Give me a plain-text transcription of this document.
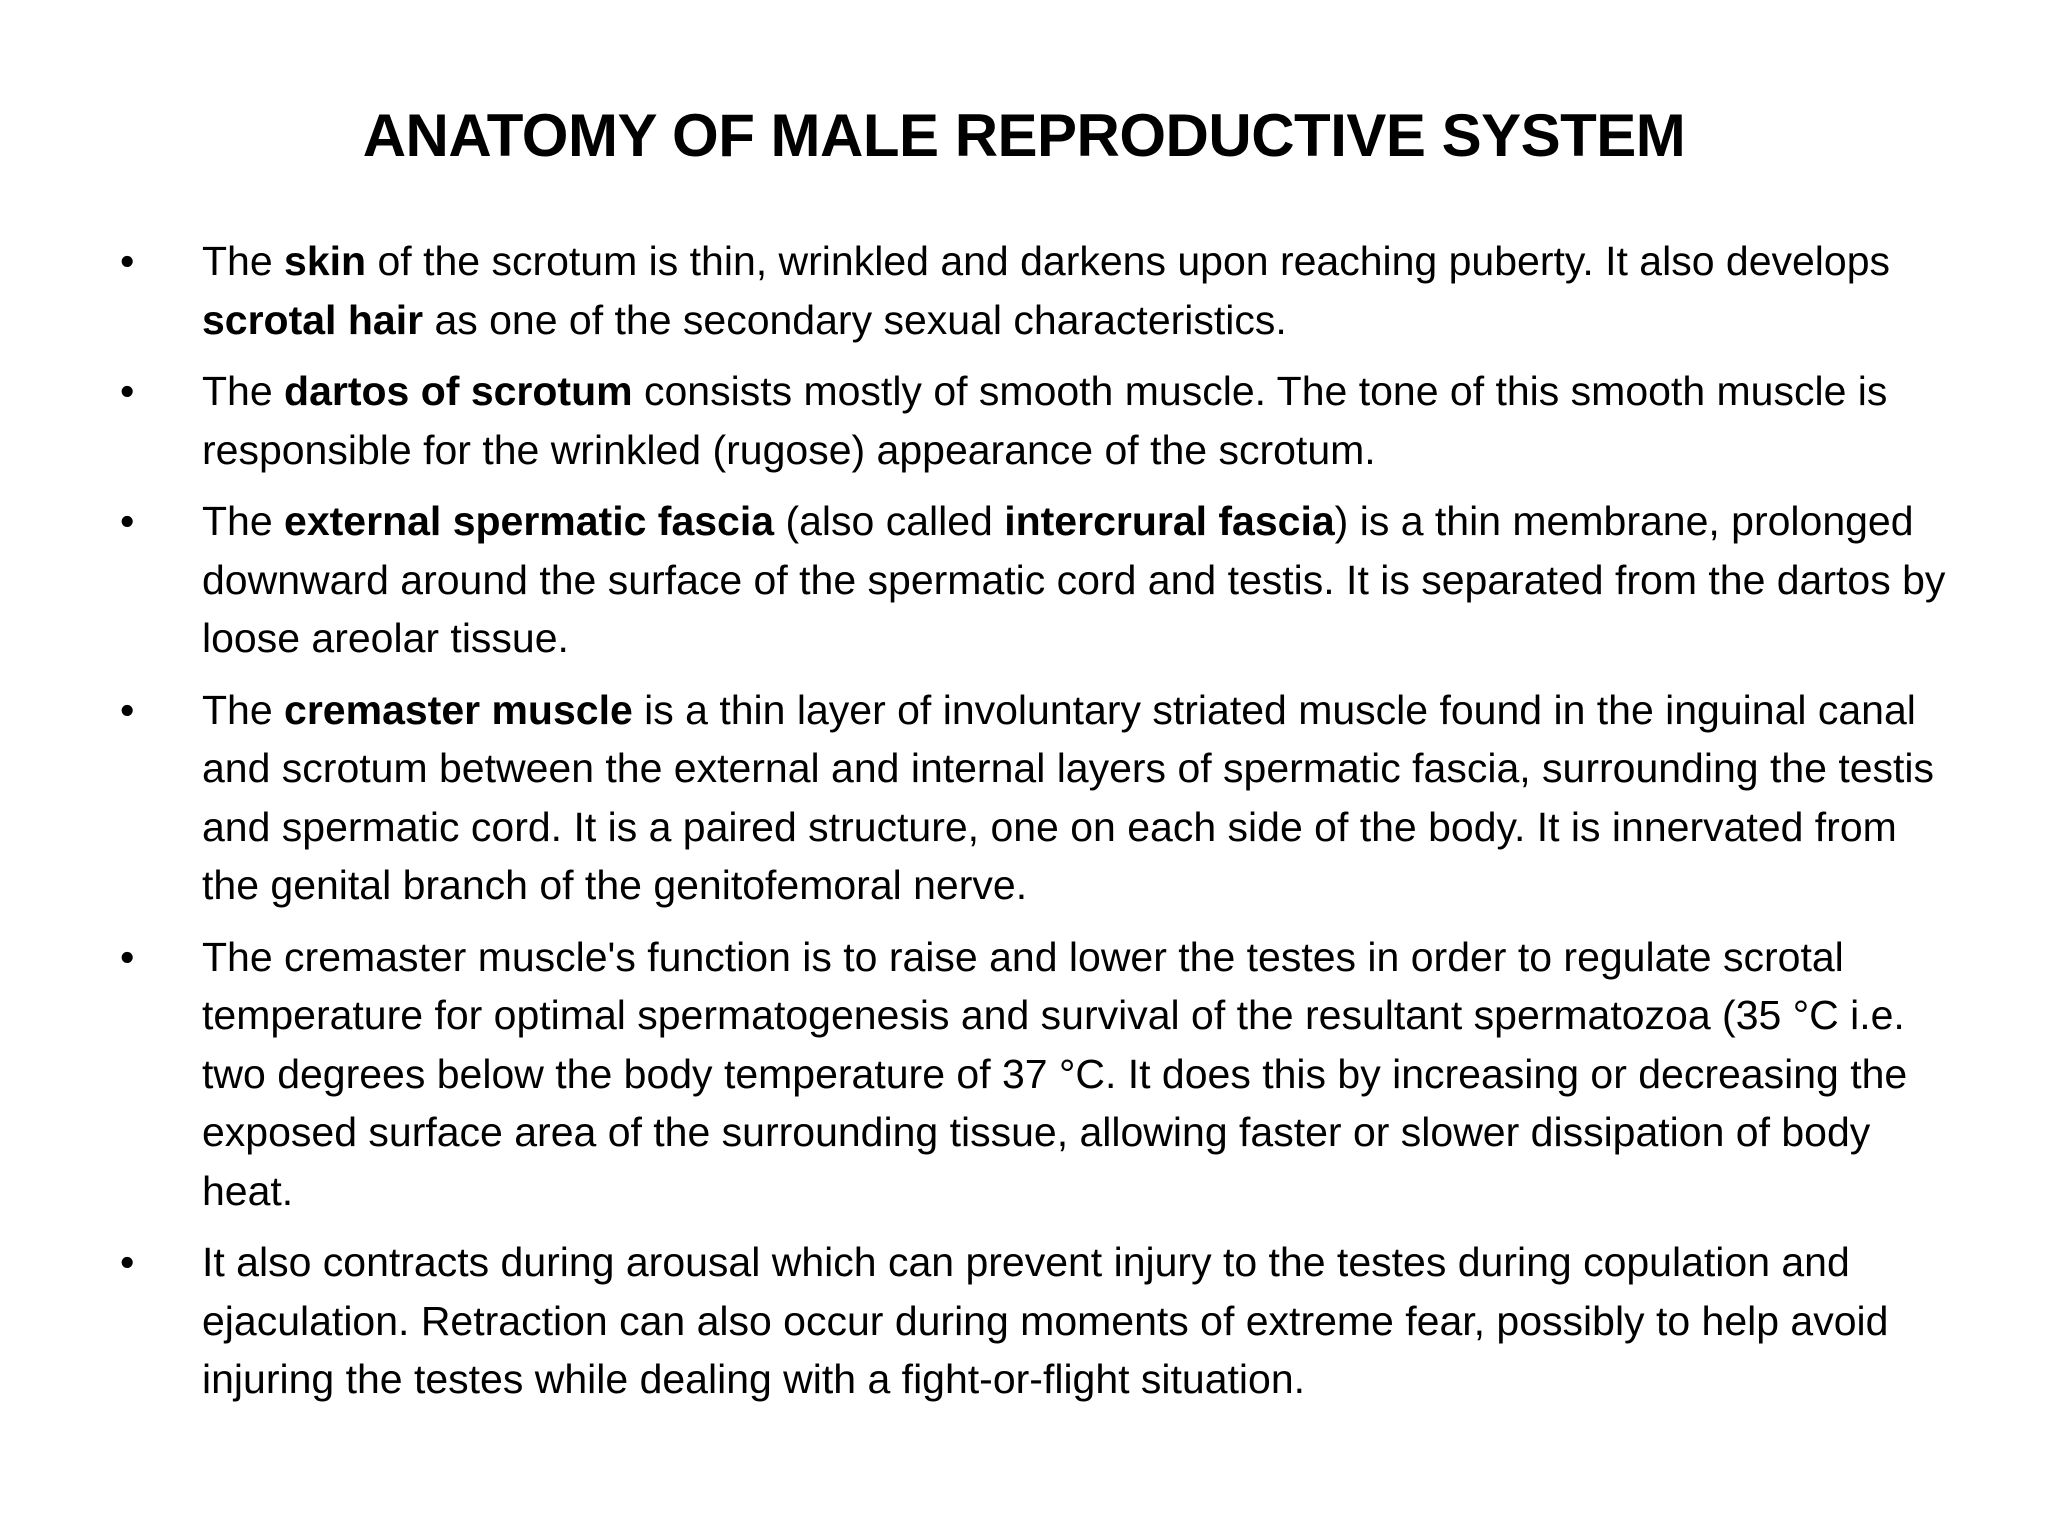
ANATOMY OF MALE REPRODUCTIVE SYSTEM
•	The skin of the scrotum is thin, wrinkled and darkens upon reaching puberty. It also develops scrotal hair as one of the secondary sexual characteristics.
•	The dartos of scrotum consists mostly of smooth muscle. The tone of this smooth muscle is responsible for the wrinkled (rugose) appearance of the scrotum.
•	The external spermatic fascia (also called intercrural fascia) is a thin membrane, prolonged downward around the surface of the spermatic cord and testis. It is separated from the dartos by loose areolar tissue.
•	The cremaster muscle is a thin layer of involuntary striated muscle found in the inguinal canal and scrotum between the external and internal layers of spermatic fascia, surrounding the testis and spermatic cord. It is a paired structure, one on each side of the body. It is innervated from the genital branch of the genitofemoral nerve.
•	The cremaster muscle's function is to raise and lower the testes in order to regulate scrotal temperature for optimal spermatogenesis and survival of the resultant spermatozoa (35 °C i.e. two degrees below the body temperature of 37 °C. It does this by increasing or decreasing the exposed surface area of the surrounding tissue, allowing faster or slower dissipation of body heat.
•	It also contracts during arousal which can prevent injury to the testes during copulation and ejaculation. Retraction can also occur during moments of extreme fear, possibly to help avoid injuring the testes while dealing with a fight-or-flight situation.
